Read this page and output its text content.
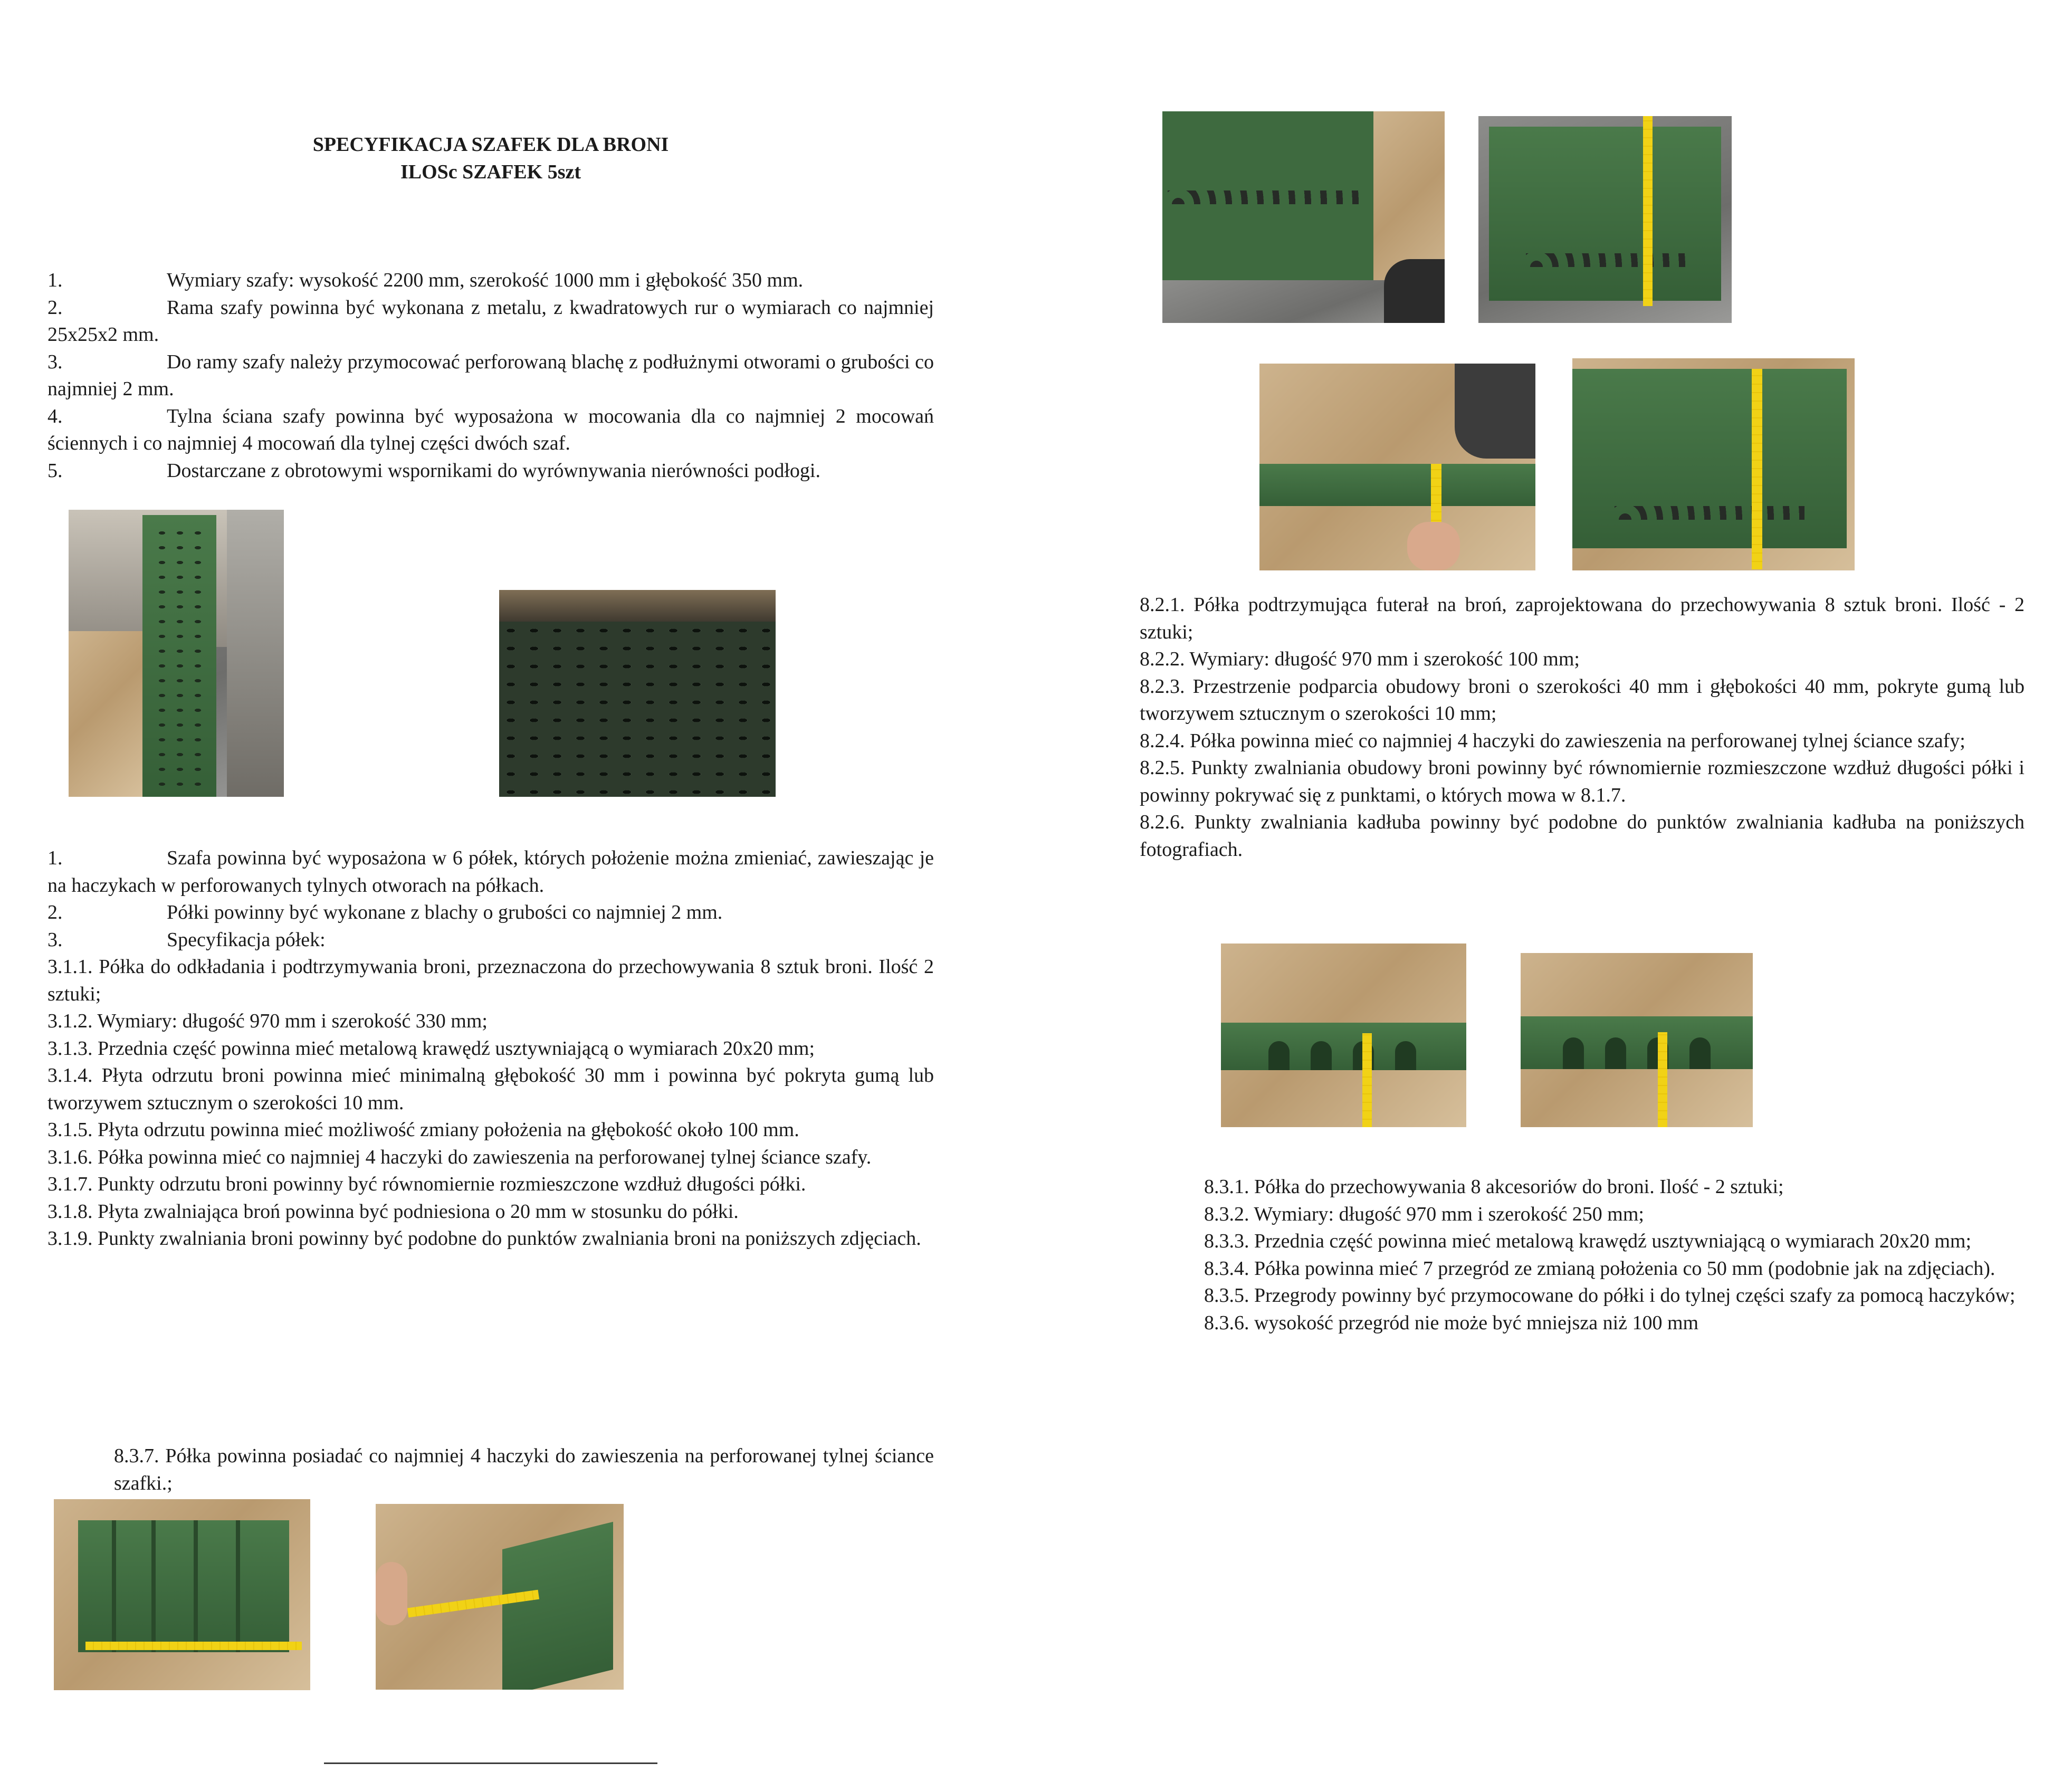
SPECYFIKACJA SZAFEK DLA BRONI
ILOSc SZAFEK 5szt

1.	Wymiary szafy: wysokość 2200 mm, szerokość 1000 mm i głębokość 350 mm.

2.	Rama szafy powinna być wykonana z metalu, z kwadratowych rur o wymiarach co najmniej 25x25x2 mm.

3.	Do ramy szafy należy przymocować perforowaną blachę z podłużnymi otworami o grubości co najmniej 2 mm.

4.	Tylna ściana szafy powinna być wyposażona w mocowania dla co najmniej 2 mocowań ściennych i co najmniej 4 mocowań dla tylnej części dwóch szaf.

5.	Dostarczane z obrotowymi wspornikami do wyrównywania nierówności podłogi.

1.	Szafa powinna być wyposażona w 6 półek, których położenie można zmieniać, zawieszając je na haczykach w perforowanych tylnych otworach na półkach.

2.	Półki powinny być wykonane z blachy o grubości co najmniej 2 mm.

3.	Specyfikacja półek:

3.1.1. Półka do odkładania i podtrzymywania broni, przeznaczona do przechowywania 8 sztuk broni. Ilość 2 sztuki;

3.1.2. Wymiary: długość 970 mm i szerokość 330 mm;

3.1.3. Przednia część powinna mieć metalową krawędź usztywniającą o wymiarach 20x20 mm;

3.1.4. Płyta odrzutu broni powinna mieć minimalną głębokość 30 mm i powinna być pokryta gumą lub tworzywem sztucznym o szerokości 10 mm.

3.1.5. Płyta odrzutu powinna mieć możliwość zmiany położenia na głębokość około 100 mm.

3.1.6. Półka powinna mieć co najmniej 4 haczyki do zawieszenia na perforowanej tylnej ściance szafy.

3.1.7. Punkty odrzutu broni powinny być równomiernie rozmieszczone wzdłuż długości półki.

3.1.8. Płyta zwalniająca broń powinna być podniesiona o 20 mm w stosunku do półki.

3.1.9. Punkty zwalniania broni powinny być podobne do punktów zwalniania broni na poniższych zdjęciach.

8.3.7. Półka powinna posiadać co najmniej 4 haczyki do zawieszenia na perforowanej tylnej ściance szafki.;

8.2.1. Półka podtrzymująca futerał na broń, zaprojektowana do przechowywania 8 sztuk broni. Ilość - 2 sztuki;

8.2.2. Wymiary: długość 970 mm i szerokość 100 mm;

8.2.3. Przestrzenie podparcia obudowy broni o szerokości 40 mm i głębokości 40 mm, pokryte gumą lub tworzywem sztucznym o szerokości 10 mm;

8.2.4. Półka powinna mieć co najmniej 4 haczyki do zawieszenia na perforowanej tylnej ściance szafy;

8.2.5. Punkty zwalniania obudowy broni powinny być równomiernie rozmieszczone wzdłuż długości półki i powinny pokrywać się z punktami, o których mowa w 8.1.7.

8.2.6. Punkty zwalniania kadłuba powinny być podobne do punktów zwalniania kadłuba na poniższych fotografiach.

8.3.1. Półka do przechowywania 8 akcesoriów do broni. Ilość - 2 sztuki;

8.3.2. Wymiary: długość 970 mm i szerokość 250 mm;

8.3.3. Przednia część powinna mieć metalową krawędź usztywniającą o wymiarach 20x20 mm;

8.3.4. Półka powinna mieć 7 przegród ze zmianą położenia co 50 mm (podobnie jak na zdjęciach).

8.3.5. Przegrody powinny być przymocowane do półki i do tylnej części szafy za pomocą haczyków;

8.3.6. wysokość przegród nie może być mniejsza niż 100 mm
